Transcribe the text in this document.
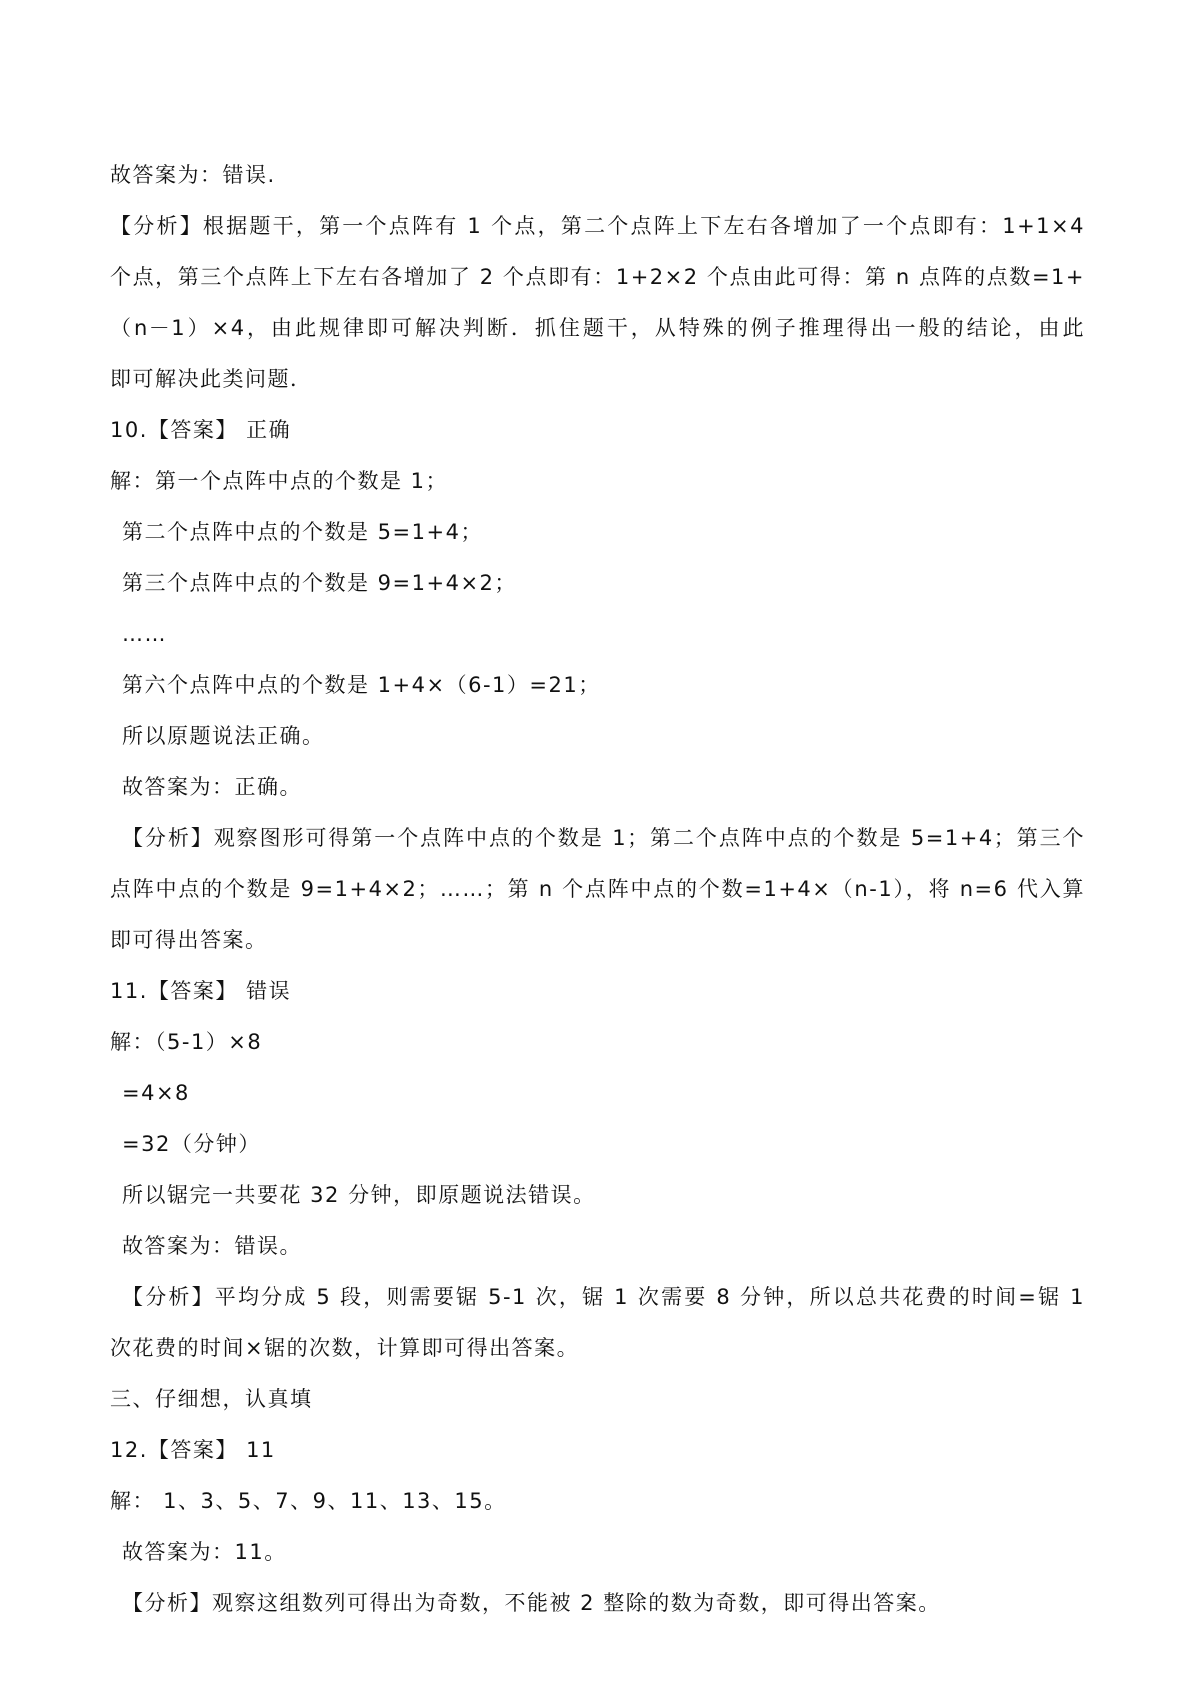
故答案为：错误.
【分析】根据题干，第一个点阵有 1 个点，第二个点阵上下左右各增加了一个点即有：1+1×4
个点，第三个点阵上下左右各增加了 2 个点即有：1+2×2 个点由此可得：第 n 点阵的点数=1+
（n－1）×4，由此规律即可解决判断．抓住题干，从特殊的例子推理得出一般的结论，由此
即可解决此类问题．
10.【答案】 正确
解：第一个点阵中点的个数是 1；
第二个点阵中点的个数是 5=1+4；
第三个点阵中点的个数是 9=1+4×2；
……
第六个点阵中点的个数是 1+4×（6-1）=21；
所以原题说法正确。
故答案为：正确。
【分析】观察图形可得第一个点阵中点的个数是 1；第二个点阵中点的个数是 5=1+4；第三个
点阵中点的个数是 9=1+4×2；……；第 n 个点阵中点的个数=1+4×（n-1），将 n=6 代入算
即可得出答案。
11.【答案】 错误
解：（5-1）×8
=4×8
=32（分钟）
所以锯完一共要花 32 分钟，即原题说法错误。
故答案为：错误。
【分析】平均分成 5 段，则需要锯 5-1 次，锯 1 次需要 8 分钟，所以总共花费的时间=锯 1
次花费的时间×锯的次数，计算即可得出答案。
三、仔细想，认真填
12.【答案】 11
解： 1、3、5、7、9、11、13、15。
故答案为：11。
【分析】观察这组数列可得出为奇数，不能被 2 整除的数为奇数，即可得出答案。
